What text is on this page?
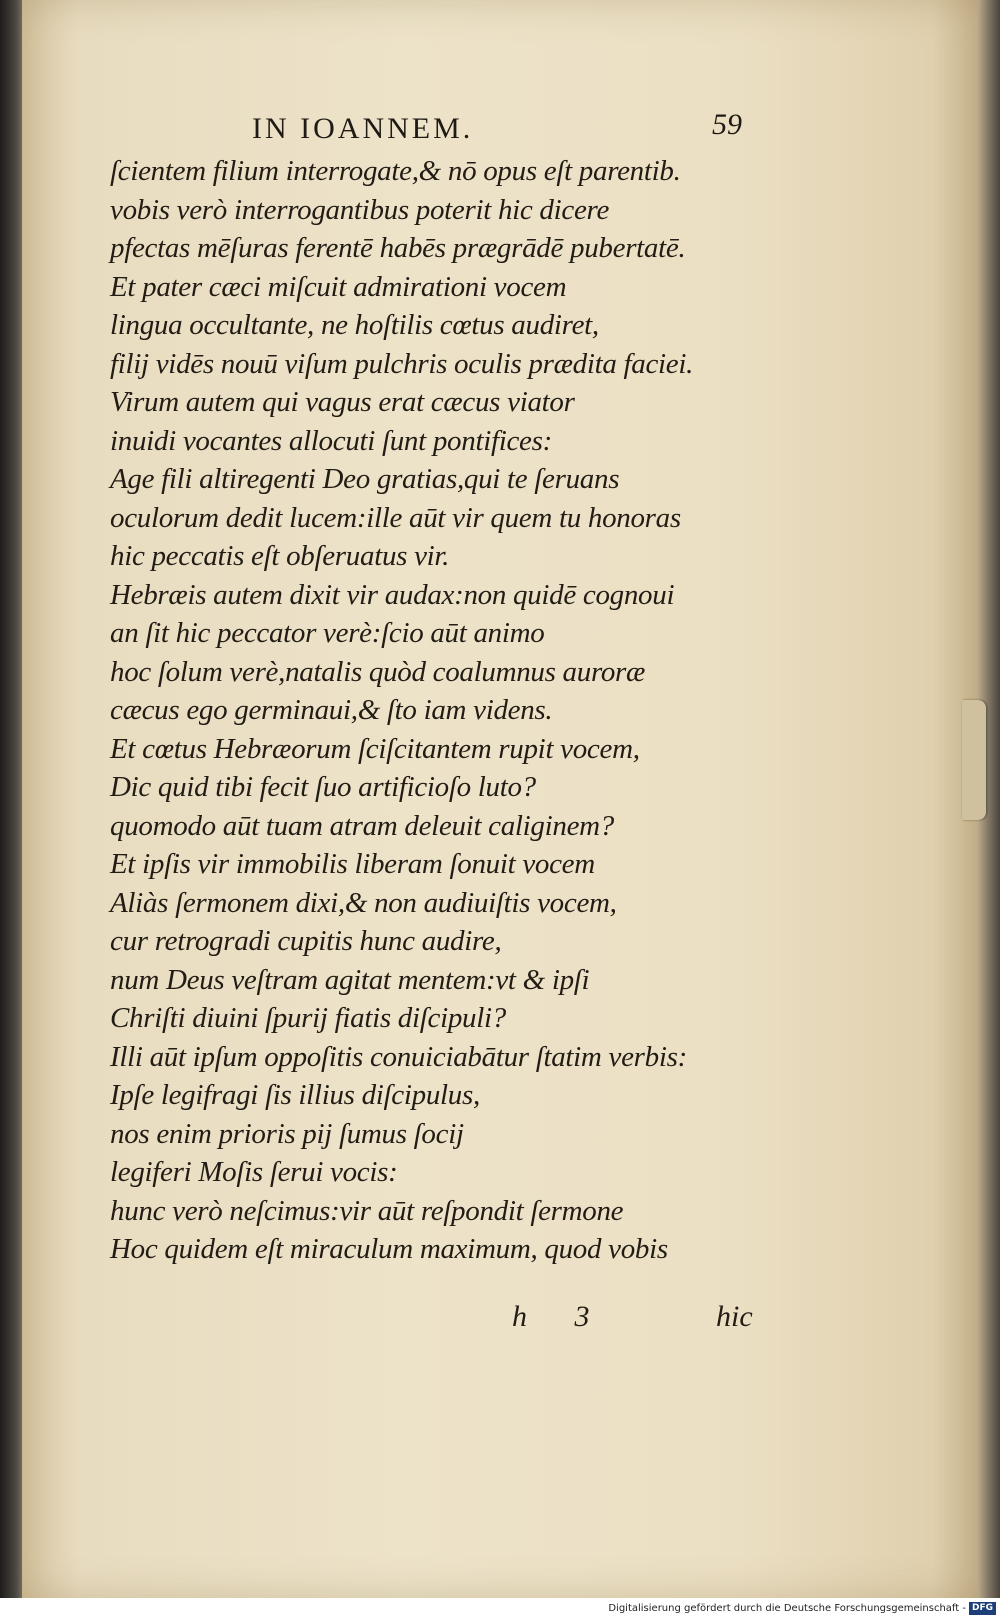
IN IOANNEM.	59
ſcientem filium interrogate,& nō opus eſt parentib.
vobis verò interrogantibus poterit hic dicere
pfectas mēſuras ferentē habēs prægrādē pubertatē.
Et pater cæci miſcuit admirationi vocem
lingua occultante, ne hoſtilis cœtus audiret,
filij vidēs nouū viſum pulchris oculis prædita faciei.
Virum autem qui vagus erat cæcus viator
inuidi vocantes allocuti ſunt pontifices:
Age fili altiregenti Deo gratias,qui te ſeruans
oculorum dedit lucem:ille aūt vir quem tu honoras
hic peccatis eſt obſeruatus vir.
Hebræis autem dixit vir audax:non quidē cognoui
an ſit hic peccator verè:ſcio aūt animo
hoc ſolum verè,natalis quòd coalumnus auroræ
cæcus ego germinaui,& ſto iam videns.
Et cœtus Hebræorum ſciſcitantem rupit vocem,
Dic quid tibi fecit ſuo artificioſo luto?
quomodo aūt tuam atram deleuit caliginem?
Et ipſis vir immobilis liberam ſonuit vocem
Aliàs ſermonem dixi,& non audiuiſtis vocem,
cur retrogradi cupitis hunc audire,
num Deus veſtram agitat mentem:vt & ipſi
Chriſti diuini ſpurij fiatis diſcipuli?
Illi aūt ipſum oppoſitis conuiciabātur ſtatim verbis:
Ipſe legifragi ſis illius diſcipulus,
nos enim prioris pij ſumus ſocij
legiferi Moſis ſerui vocis:
hunc verò neſcimus:vir aūt reſpondit ſermone
Hoc quidem eſt miraculum maximum, quod vobis
h 3	hic
Digitalisierung gefördert durch die Deutsche Forschungsgemeinschaft - DFG
